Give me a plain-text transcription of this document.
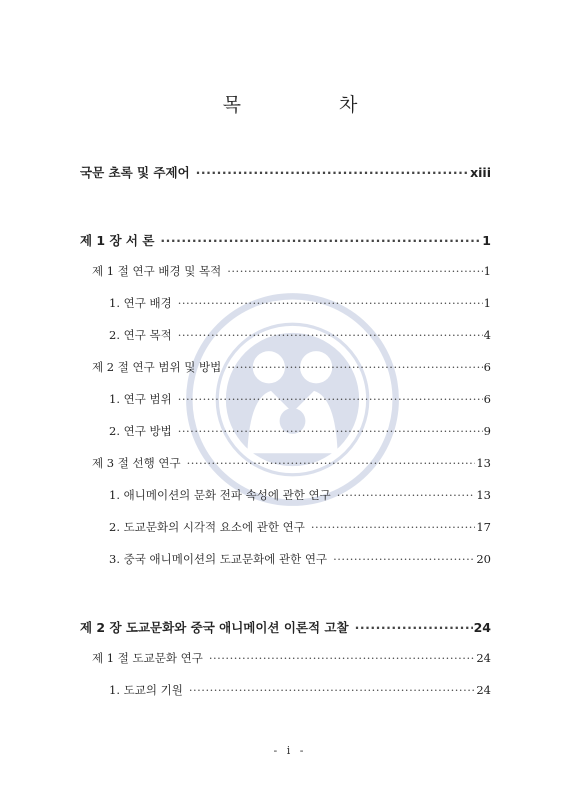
목 차
국문 초록 및 주제어 ·····	xiii
제 1 장 서 론 ·····	1
제 1 절 연구 배경 및 목적 ·····	1
1. 연구 배경 ·····	1
2. 연구 목적 ·····	4
제 2 절 연구 범위 및 방법 ·····	6
1. 연구 범위 ·····	6
2. 연구 방법 ·····	9
제 3 절 선행 연구 ·····	13
1. 애니메이션의 문화 전파 속성에 관한 연구 ·····	13
2. 도교문화의 시각적 요소에 관한 연구 ·····	17
3. 중국 애니메이션의 도교문화에 관한 연구 ·····	20
제 2 장 도교문화와 중국 애니메이션 이론적 고찰 ·····	24
제 1 절 도교문화 연구 ·····	24
1. 도교의 기원 ·····	24
- i -
